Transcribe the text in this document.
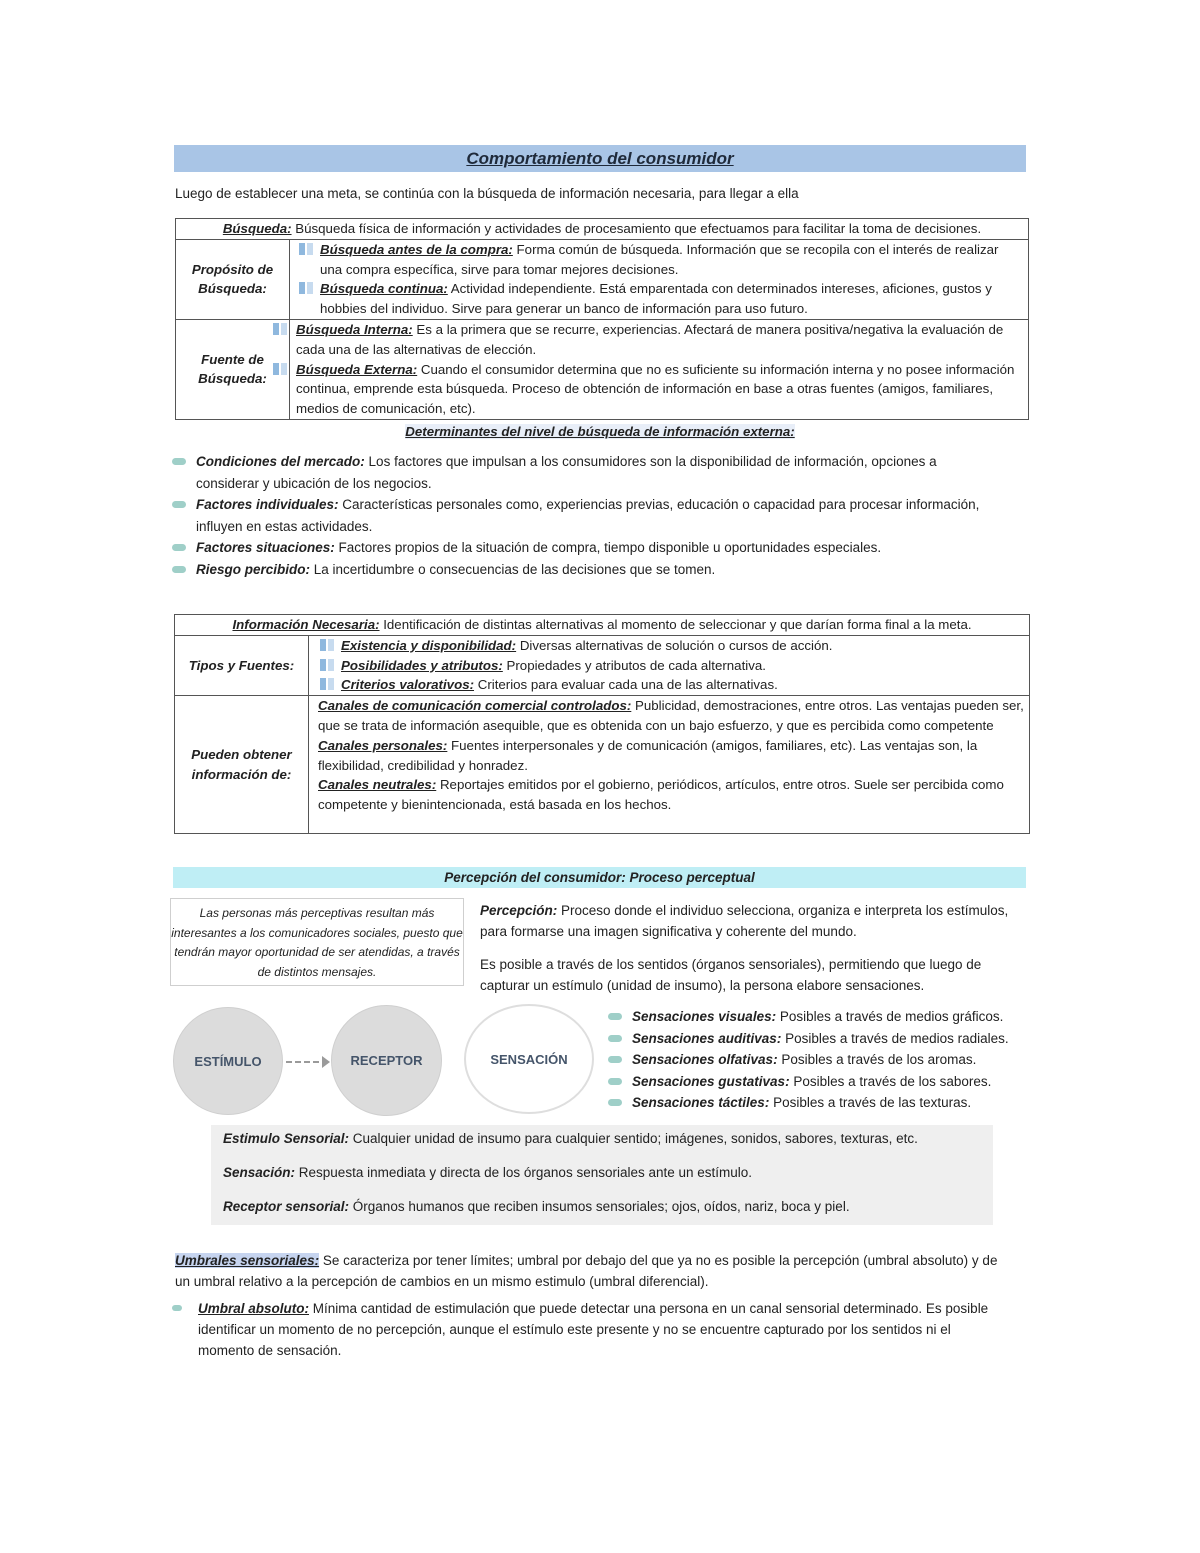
Comportamiento del consumidor
Luego de establecer una meta, se continúa con la búsqueda de información necesaria, para llegar a ella
Búsqueda: Búsqueda física de información y actividades de procesamiento que efectuamos para facilitar la toma de decisiones.	
Propósito de Búsqueda:	Búsqueda antes de la compra: Forma común de búsqueda. Información que se recopila con el interés de realizar una compra específica, sirve para tomar mejores decisiones.
Búsqueda continua: Actividad independiente. Está emparentada con determinados intereses, aficiones, gustos y hobbies del individuo. Sirve para generar un banco de información para uso futuro.

Fuente de Búsqueda:	Búsqueda Interna: Es a la primera que se recurre, experiencias. Afectará de manera positiva/negativa la evaluación de cada una de las alternativas de elección.
Búsqueda Externa: Cuando el consumidor determina que no es suficiente su información interna y no posee información continua, emprende esta búsqueda. Proceso de obtención de información en base a otras fuentes (amigos, familiares, medios de comunicación, etc).
Determinantes del nivel de búsqueda de información externa:
Condiciones del mercado: Los factores que impulsan a los consumidores son la disponibilidad de información, opciones a considerar y ubicación de los negocios.
Factores individuales: Características personales como, experiencias previas, educación o capacidad para procesar información, influyen en estas actividades.
Factores situaciones: Factores propios de la situación de compra, tiempo disponible u oportunidades especiales.
Riesgo percibido: La incertidumbre o consecuencias de las decisiones que se tomen.
Información Necesaria: Identificación de distintas alternativas al momento de seleccionar y que darían forma final a la meta.	
Tipos y Fuentes:	Existencia y disponibilidad: Diversas alternativas de solución o cursos de acción.
Posibilidades y atributos: Propiedades y atributos de cada alternativa.
Criterios valorativos: Criterios para evaluar cada una de las alternativas.

Pueden obtener información de:	Canales de comunicación comercial controlados: Publicidad, demostraciones, entre otros. Las ventajas pueden ser, que se trata de información asequible, que es obtenida con un bajo esfuerzo, y que es percibida como competente
Canales personales: Fuentes interpersonales y de comunicación (amigos, familiares, etc). Las ventajas son, la flexibilidad, credibilidad y honradez.
Canales neutrales: Reportajes emitidos por el gobierno, periódicos, artículos, entre otros. Suele ser percibida como competente y bienintencionada, está basada en los hechos.
Percepción del consumidor: Proceso perceptual
Las personas más perceptivas resultan más interesantes a los comunicadores sociales, puesto que tendrán mayor oportunidad de ser atendidas, a través de distintos mensajes.
Percepción: Proceso donde el individuo selecciona, organiza e interpreta los estímulos, para formarse una imagen significativa y coherente del mundo.
Es posible a través de los sentidos (órganos sensoriales), permitiendo que luego de capturar un estímulo (unidad de insumo), la persona elabore sensaciones.
ESTÍMULO	RECEPTOR	SENSACIÓN
Sensaciones visuales: Posibles a través de medios gráficos.
Sensaciones auditivas: Posibles a través de medios radiales.
Sensaciones olfativas: Posibles a través de los aromas.
Sensaciones gustativas: Posibles a través de los sabores.
Sensaciones táctiles: Posibles a través de las texturas.

Estimulo Sensorial: Cualquier unidad de insumo para cualquier sentido; imágenes, sonidos, sabores, texturas, etc.

Sensación: Respuesta inmediata y directa de los órganos sensoriales ante un estímulo.

Receptor sensorial: Órganos humanos que reciben insumos sensoriales; ojos, oídos, nariz, boca y piel.

Umbrales sensoriales: Se caracteriza por tener límites; umbral por debajo del que ya no es posible la percepción (umbral absoluto) y de un umbral relativo a la percepción de cambios en un mismo estimulo (umbral diferencial).
Umbral absoluto: Mínima cantidad de estimulación que puede detectar una persona en un canal sensorial determinado. Es posible identificar un momento de no percepción, aunque el estímulo este presente y no se encuentre capturado por los sentidos ni el momento de sensación.
